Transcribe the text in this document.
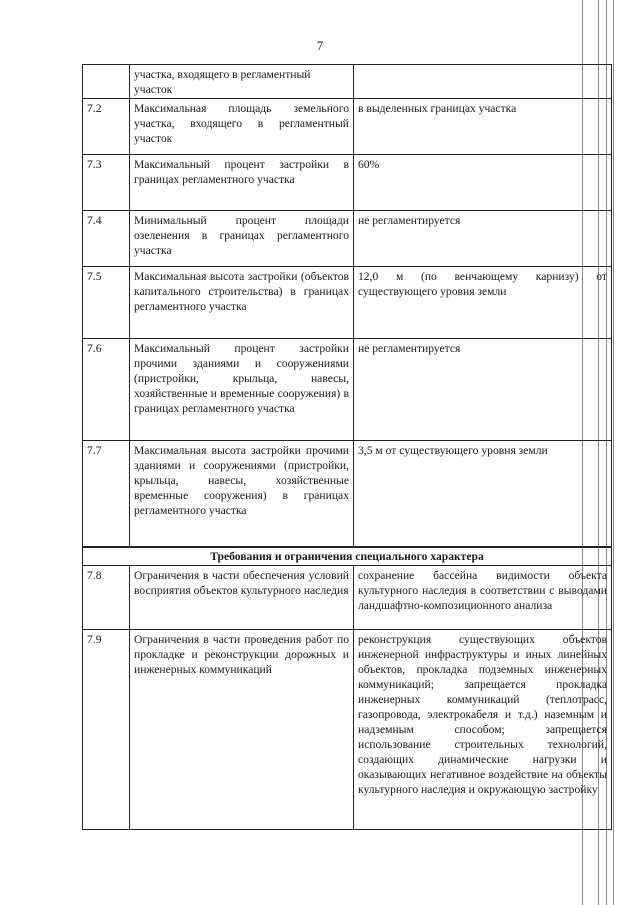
7

	участка, входящего в регламентный
участок	

7.2	Максимальная площадь земельного участка, входящего в регламентный участок	в выделенных границах участка
7.3	Максимальный процент застройки в границах регламентного участка	60%
7.4	Минимальный процент площади озеленения в границах регламентного участка	не регламентируется
7.5	Максимальная высота застройки (объектов капитального строительства) в границах регламентного участка	12,0 м (по венчающему карнизу) от существующего уровня земли
7.6	Максимальный процент застройки прочими зданиями и сооружениями (пристройки, крыльца, навесы, хозяйственные и временные сооружения) в границах регламентного участка	не регламентируется
7.7	Максимальная высота застройки прочими зданиями и сооружениями (пристройки, крыльца, навесы, хозяйственные временные сооружения) в границах регламентного участка	3,5 м от существующего уровня земли
Требования и ограничения специального характера		
7.8	Ограничения в части обеспечения условий восприятия объектов культурного наследия	сохранение бассейна видимости объекта культурного наследия в соответствии с выводами ландшафтно-композиционного анализа
7.9	Ограничения в части проведения работ по прокладке и реконструкции дорожных и инженерных коммуникаций	реконструкция существующих объектов инженерной инфраструктуры и иных линейных объектов, прокладка подземных инженерных коммуникаций; запрещается прокладка инженерных коммуникаций (теплотрасс, газопровода, электрокабеля и т.д.) наземным и надземным способом; запрещается использование строительных технологий, создающих динамические нагрузки и оказывающих негативное воздействие на объекты культурного наследия и окружающую застройку
